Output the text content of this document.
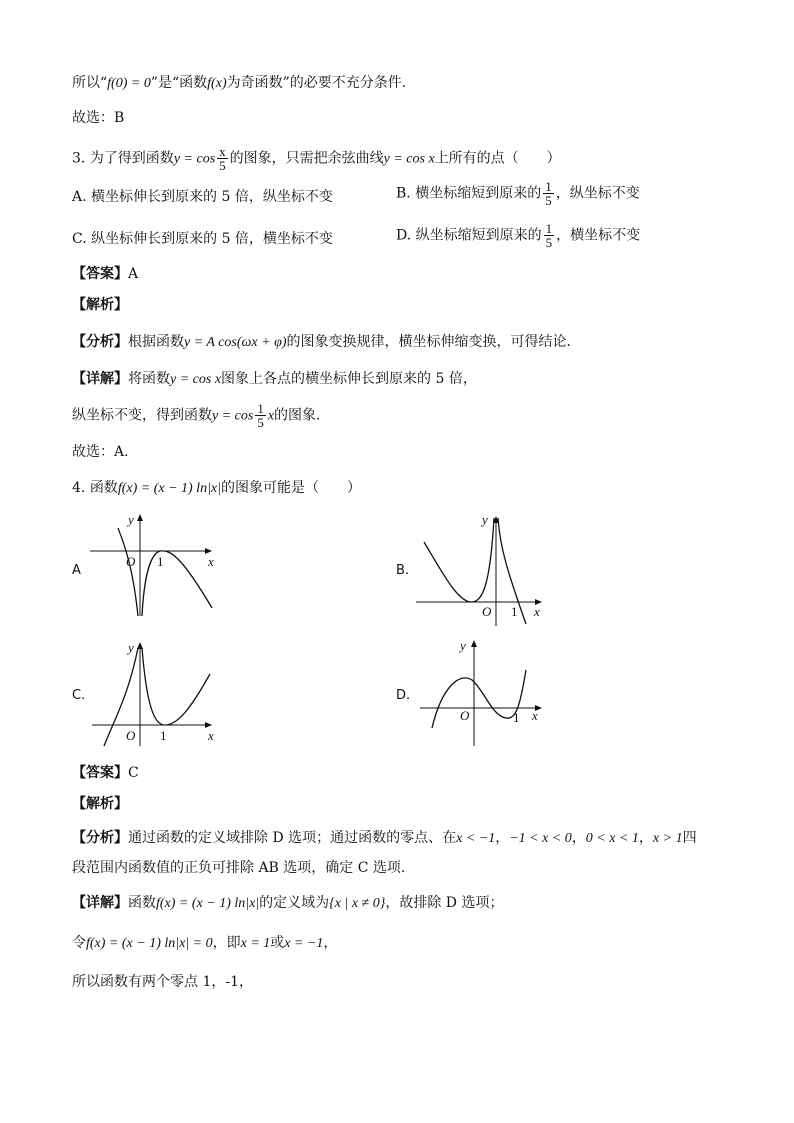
所以“f(0) = 0”是“函数f(x)为奇函数”的必要不充分条件.
故选：B
3. 为了得到函数$y = \cos \frac{x}{5}$ 的图象，只需把余弦曲线y = cos x上所有的点（　　）
A. 横坐标伸长到原来的 5 倍，纵坐标不变	B. 横坐标缩短到原来的 $\frac{1}{5}$ ，纵坐标不变
C. 纵坐标伸长到原来的 5 倍，横坐标不变	D. 纵坐标缩短到原来的 $\frac{1}{5}$ ，横坐标不变
【答案】A
【解析】
【分析】根据函数y = A cos(ωx + φ)的图象变换规律，横坐标伸缩变换，可得结论．
【详解】将函数y = cos x图象上各点的横坐标伸长到原来的 5 倍，
纵坐标不变，得到函数$y = \cos \frac{1}{5}$ x的图象．
故选：A．
4. 函数f(x) = (x − 1) ln|x|的图象可能是（　　）
A
x
y
O 1
B.
x
y
O 1
C.
x
y
O 1
D.
x
y
O	1
【答案】C
【解析】
【分析】通过函数的定义域排除 D 选项；通过函数的零点、在x < −1，−1 < x < 0，0 < x < 1，x > 1四
段范围内函数值的正负可排除 AB 选项，确定 C 选项.
【详解】函数f(x) = (x − 1) ln|x|的定义域为{x | x ≠ 0}，故排除 D 选项；
令f(x) = (x − 1) ln|x| = 0，即x = 1或x = −1，
所以函数有两个零点 1，-1，
